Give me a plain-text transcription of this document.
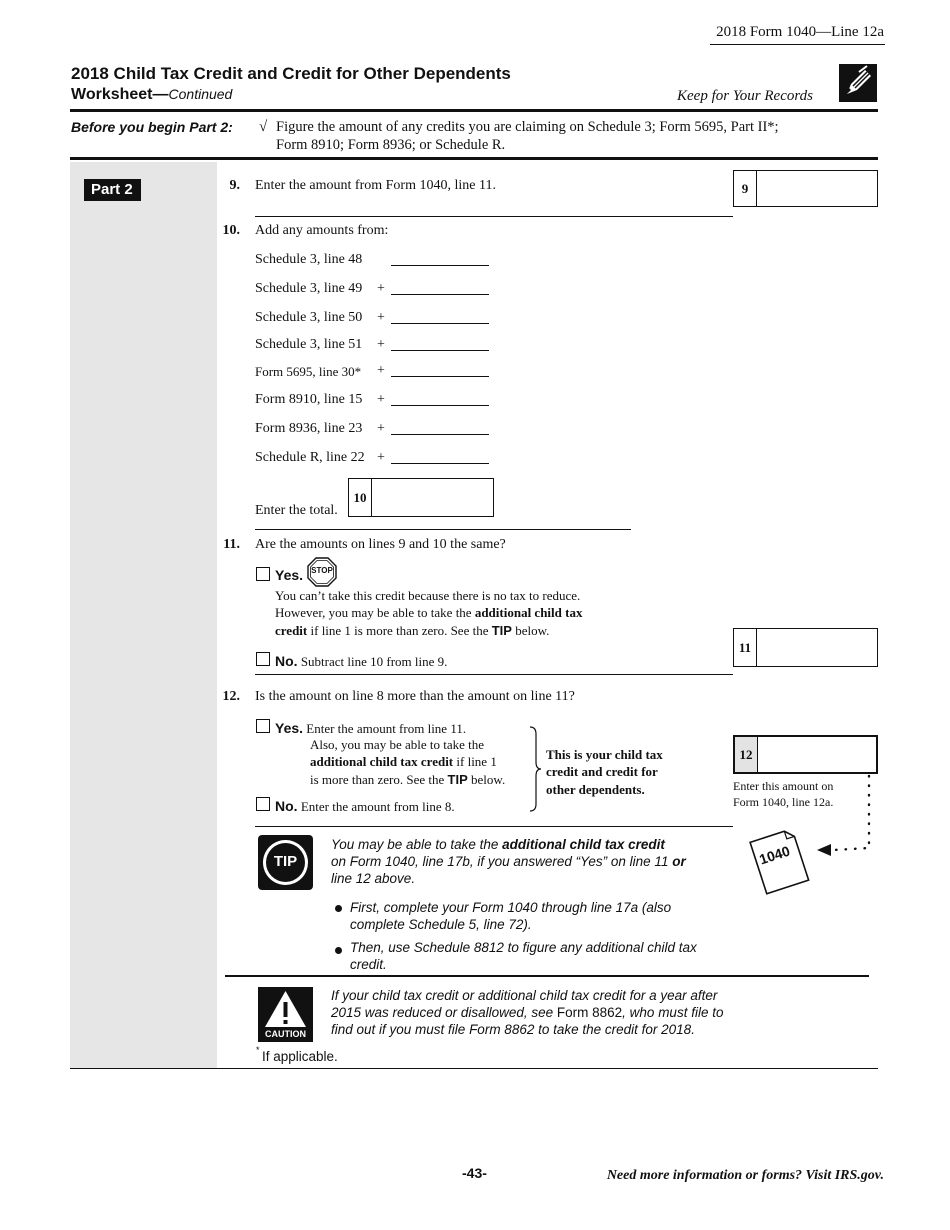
2018 Form 1040—Line 12a
2018 Child Tax Credit and Credit for Other Dependents
Worksheet—Continued	Keep for Your Records
Before you begin Part 2: √ Figure the amount of any credits you are claiming on Schedule 3; Form 5695, Part II*;
Form 8910; Form 8936; or Schedule R.
Part 2	9. Enter the amount from Form 1040, line 11.	9
10. Add any amounts from:
Schedule 3, line 48
Schedule 3, line 49 +
Schedule 3, line 50 +
Schedule 3, line 51 +
Form 5695, line 30* +
Form 8910, line 15 +
Form 8936, line 23 +
Schedule R, line 22 +
Enter the total.
10
11. Are the amounts on lines 9 and 10 the same?
Yes.	STOP
You can’t take this credit because there is no tax to reduce.
However, you may be able to take the additional child tax
credit if line 1 is more than zero. See the TIP below.
No. Subtract line 10 from line 9.
11
12. Is the amount on line 8 more than the amount on line 11?
Yes. Enter the amount from line 11.
Also, you may be able to take the
additional child tax credit if line 1
is more than zero. See the TIP below.
No. Enter the amount from line 8.
This is your child tax
credit and credit for
other dependents.
12
Enter this amount on
Form 1040, line 12a.
1040
TIP
You may be able to take the additional child tax credit
on Form 1040, line 17b, if you answered “Yes” on line 11 or
line 12 above.
First, complete your Form 1040 through line 17a (also
complete Schedule 5, line 72).
Then, use Schedule 8812 to figure any additional child tax
credit.
CAUTION
If your child tax credit or additional child tax credit for a year after
2015 was reduced or disallowed, see Form 8862, who must file to
find out if you must file Form 8862 to take the credit for 2018.
* If applicable.
-43-	Need more information or forms? Visit IRS.gov.
